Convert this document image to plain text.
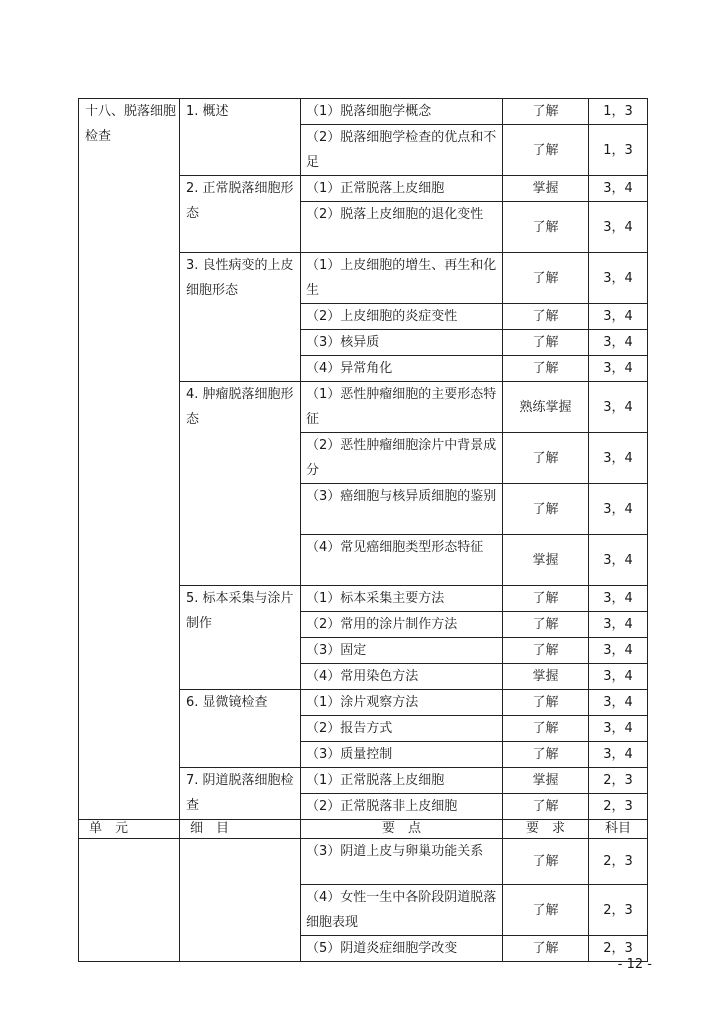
十八、脱落细胞检查	1. 概述	（1）脱落细胞学概念	了解	1，3

		（2）脱落细胞学检查的优点和不足	了解	1，3

	2. 正常脱落细胞形态	（1）正常脱落上皮细胞	掌握	3，4

		（2）脱落上皮细胞的退化变性	了解	3，4

	3. 良性病变的上皮细胞形态	（1）上皮细胞的增生、再生和化生	了解	3，4

		（2）上皮细胞的炎症变性	了解	3，4

		（3）核异质	了解	3，4

		（4）异常角化	了解	3，4

	4. 肿瘤脱落细胞形态	（1）恶性肿瘤细胞的主要形态特征	熟练掌握	3，4

		（2）恶性肿瘤细胞涂片中背景成分	了解	3，4

		（3）癌细胞与核异质细胞的鉴别	了解	3，4

		（4）常见癌细胞类型形态特征	掌握	3，4

	5. 标本采集与涂片制作	（1）标本采集主要方法	了解	3，4

		（2）常用的涂片制作方法	了解	3，4

		（3）固定	了解	3，4

		（4）常用染色方法	掌握	3，4

	6. 显微镜检查	（1）涂片观察方法	了解	3，4

		（2）报告方式	了解	3，4

		（3）质量控制	了解	3，4

	7. 阴道脱落细胞检查	（1）正常脱落上皮细胞	掌握	2，3

		（2）正常脱落非上皮细胞	了解	2，3
单　元	细　目	要　点	要　求	科目

		（3）阴道上皮与卵巢功能关系	了解	2，3

		（4）女性一生中各阶段阴道脱落细胞表现	了解	2，3

		（5）阴道炎症细胞学改变	了解	2，3
- 12 -
